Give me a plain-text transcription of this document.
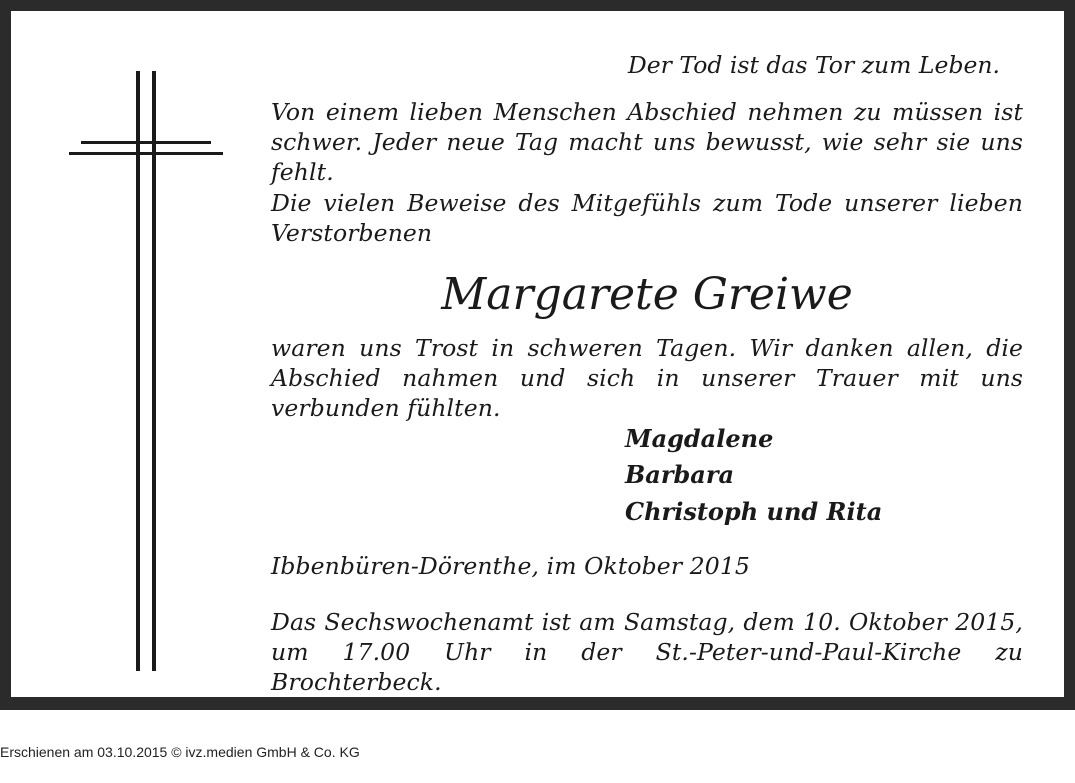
Der Tod ist das Tor zum Leben.
Von einem lieben Menschen Abschied nehmen zu müssen ist schwer. Jeder neue Tag macht uns bewusst, wie sehr sie uns fehlt.
Die vielen Beweise des Mitgefühls zum Tode unserer lieben Verstorbenen
Margarete Greiwe
waren uns Trost in schweren Tagen. Wir danken allen, die Abschied nahmen und sich in unserer Trauer mit uns verbunden fühlten.
Magdalene
Barbara
Christoph und Rita
Ibbenbüren-Dörenthe, im Oktober 2015
Das Sechswochenamt ist am Samstag, dem 10. Oktober 2015, um 17.00 Uhr in der St.-Peter-und-Paul-Kirche zu Brochterbeck.
Erschienen am 03.10.2015 © ivz.medien GmbH & Co. KG
